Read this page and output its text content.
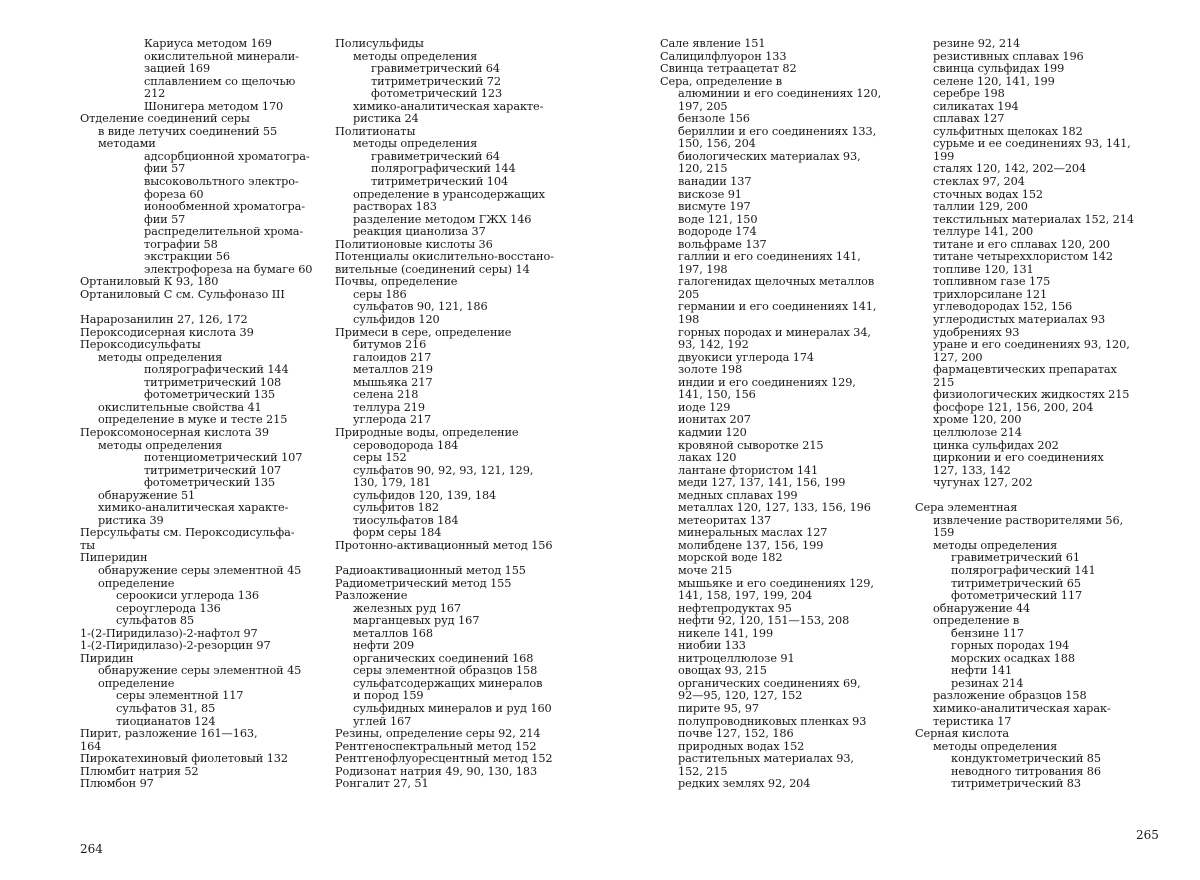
Кариуса методом 169
окислительной минерали-
зацией 169
сплавлением со щелочью
212
Шонигера методом 170
Отделение соединений серы
в виде летучих соединений 55
методами
адсорбционной хроматогра-
фии 57
высоковольтного электро-
фореза 60
ионообменной хроматогра-
фии 57
распределительной хрома-
тографии 58
экстракции 56
электрофореза на бумаге 60
Ортаниловый К 93, 180
Ортаниловый С см. Сульфоназо III
Нарaрозанилин 27, 126, 172
Пероксодисерная кислота 39
Пероксодисульфаты
методы определения
полярографический 144
титриметрический 108
фотометрический 135
окислительные свойства 41
определение в муке и тесте 215
Пероксомоносерная кислота 39
методы определения
потенциометрический 107
титриметрический 107
фотометрический 135
обнаружение 51
химико-аналитическая характе-
ристика 39
Персульфаты см. Пероксодисульфа-
ты
Пиперидин
обнаружение серы элементной 45
определение
сероокиси углерода 136
сероуглерода 136
сульфатов 85
1-(2-Пиридилазо)-2-нафтол 97
1-(2-Пиридилазо)-2-резорцин 97
Пиридин
обнаружение серы элементной 45
определение
серы элементной 117
сульфатов 31, 85
тиоцианатов 124
Пирит, разложение 161—163,
164
Пирокатехиновый фиолетовый 132
Плюмбит натрия 52
Плюмбон 97
Полисульфиды
методы определения
гравиметрический 64
титриметрический 72
фотометрический 123
химико-аналитическая характе-
ристика 24
Политионаты
методы определения
гравиметрический 64
полярографический 144
титриметрический 104
определение в урансодержащих
растворах 183
разделение методом ГЖХ 146
реакция цианолиза 37
Политионовые кислоты 36
Потенциалы окислительно-восстано-
вительные (соединений серы) 14
Почвы, определение
серы 186
сульфатов 90, 121, 186
сульфидов 120
Примеси в сере, определение
битумов 216
галоидов 217
металлов 219
мышьяка 217
селена 218
теллура 219
углерода 217
Природные воды, определение
сероводорода 184
серы 152
сульфатов 90, 92, 93, 121, 129,
130, 179, 181
сульфидов 120, 139, 184
сульфитов 182
тиосульфатов 184
форм серы 184
Протонно-активационный метод 156
Радиоактивационный метод 155
Радиометрический метод 155
Разложение
железных руд 167
марганцевых руд 167
металлов 168
нефти 209
органических соединений 168
серы элементной образцов 158
сульфатсодержащих минералов
и пород 159
сульфидных минералов и руд 160
углей 167
Резины, определение серы 92, 214
Рентгеноспектральный метод 152
Рентгенофлуоресцентный метод 152
Родизонат натрия 49, 90, 130, 183
Ронгалит 27, 51
Сале явление 151
Салицилфлуорон 133
Свинца тетраацетат 82
Сера, определение в
алюминии и его соединениях 120,
197, 205
бензоле 156
бериллии и его соединениях 133,
150, 156, 204
биологических материалах 93,
120, 215
ванадии 137
вискозе 91
висмуте 197
воде 121, 150
водороде 174
вольфраме 137
галлии и его соединениях 141,
197, 198
галогенидах щелочных металлов
205
германии и его соединениях 141,
198
горных породах и минералах 34,
93, 142, 192
двуокиси углерода 174
золоте 198
индии и его соединениях 129,
141, 150, 156
иоде 129
ионитах 207
кадмии 120
кровяной сыворотке 215
лаках 120
лантане фтористом 141
меди 127, 137, 141, 156, 199
медных сплавах 199
металлах 120, 127, 133, 156, 196
метеоритах 137
минеральных маслах 127
молибдене 137, 156, 199
морской воде 182
моче 215
мышьяке и его соединениях 129,
141, 158, 197, 199, 204
нефтепродуктах 95
нефти 92, 120, 151—153, 208
никеле 141, 199
ниобии 133
нитроцеллюлозе 91
овощах 93, 215
органических соединениях 69,
92—95, 120, 127, 152
пирите 95, 97
полупроводниковых пленках 93
почве 127, 152, 186
природных водах 152
растительных материалах 93,
152, 215
редких землях 92, 204
резине 92, 214
резистивных сплавах 196
свинца сульфидах 199
селене 120, 141, 199
серебре 198
силикатах 194
сплавах 127
сульфитных щелоках 182
сурьме и ее соединениях 93, 141,
199
сталях 120, 142, 202—204
стеклах 97, 204
сточных водах 152
таллии 129, 200
текстильных материалах 152, 214
теллуре 141, 200
титане и его сплавах 120, 200
титане четыреххлористом 142
топливе 120, 131
топливном газе 175
трихлорсилане 121
углеводородах 152, 156
углеродистых материалах 93
удобрениях 93
уране и его соединениях 93, 120,
127, 200
фармацевтических препаратах
215
физиологических жидкостях 215
фосфоре 121, 156, 200, 204
хроме 120, 200
целлюлозе 214
цинка сульфидах 202
цирконии и его соединениях
127, 133, 142
чугунах 127, 202
Сера элементная
извлечение растворителями 56,
159
методы определения
гравиметрический 61
полярографический 141
титриметрический 65
фотометрический 117
обнаружение 44
определение в
бензине 117
горных породах 194
морских осадках 188
нефти 141
резинах 214
разложение образцов 158
химико-аналитическая харак-
теристика 17
Серная кислота
методы определения
кондуктометрический 85
неводного титрования 86
титриметрический 83
264
265
